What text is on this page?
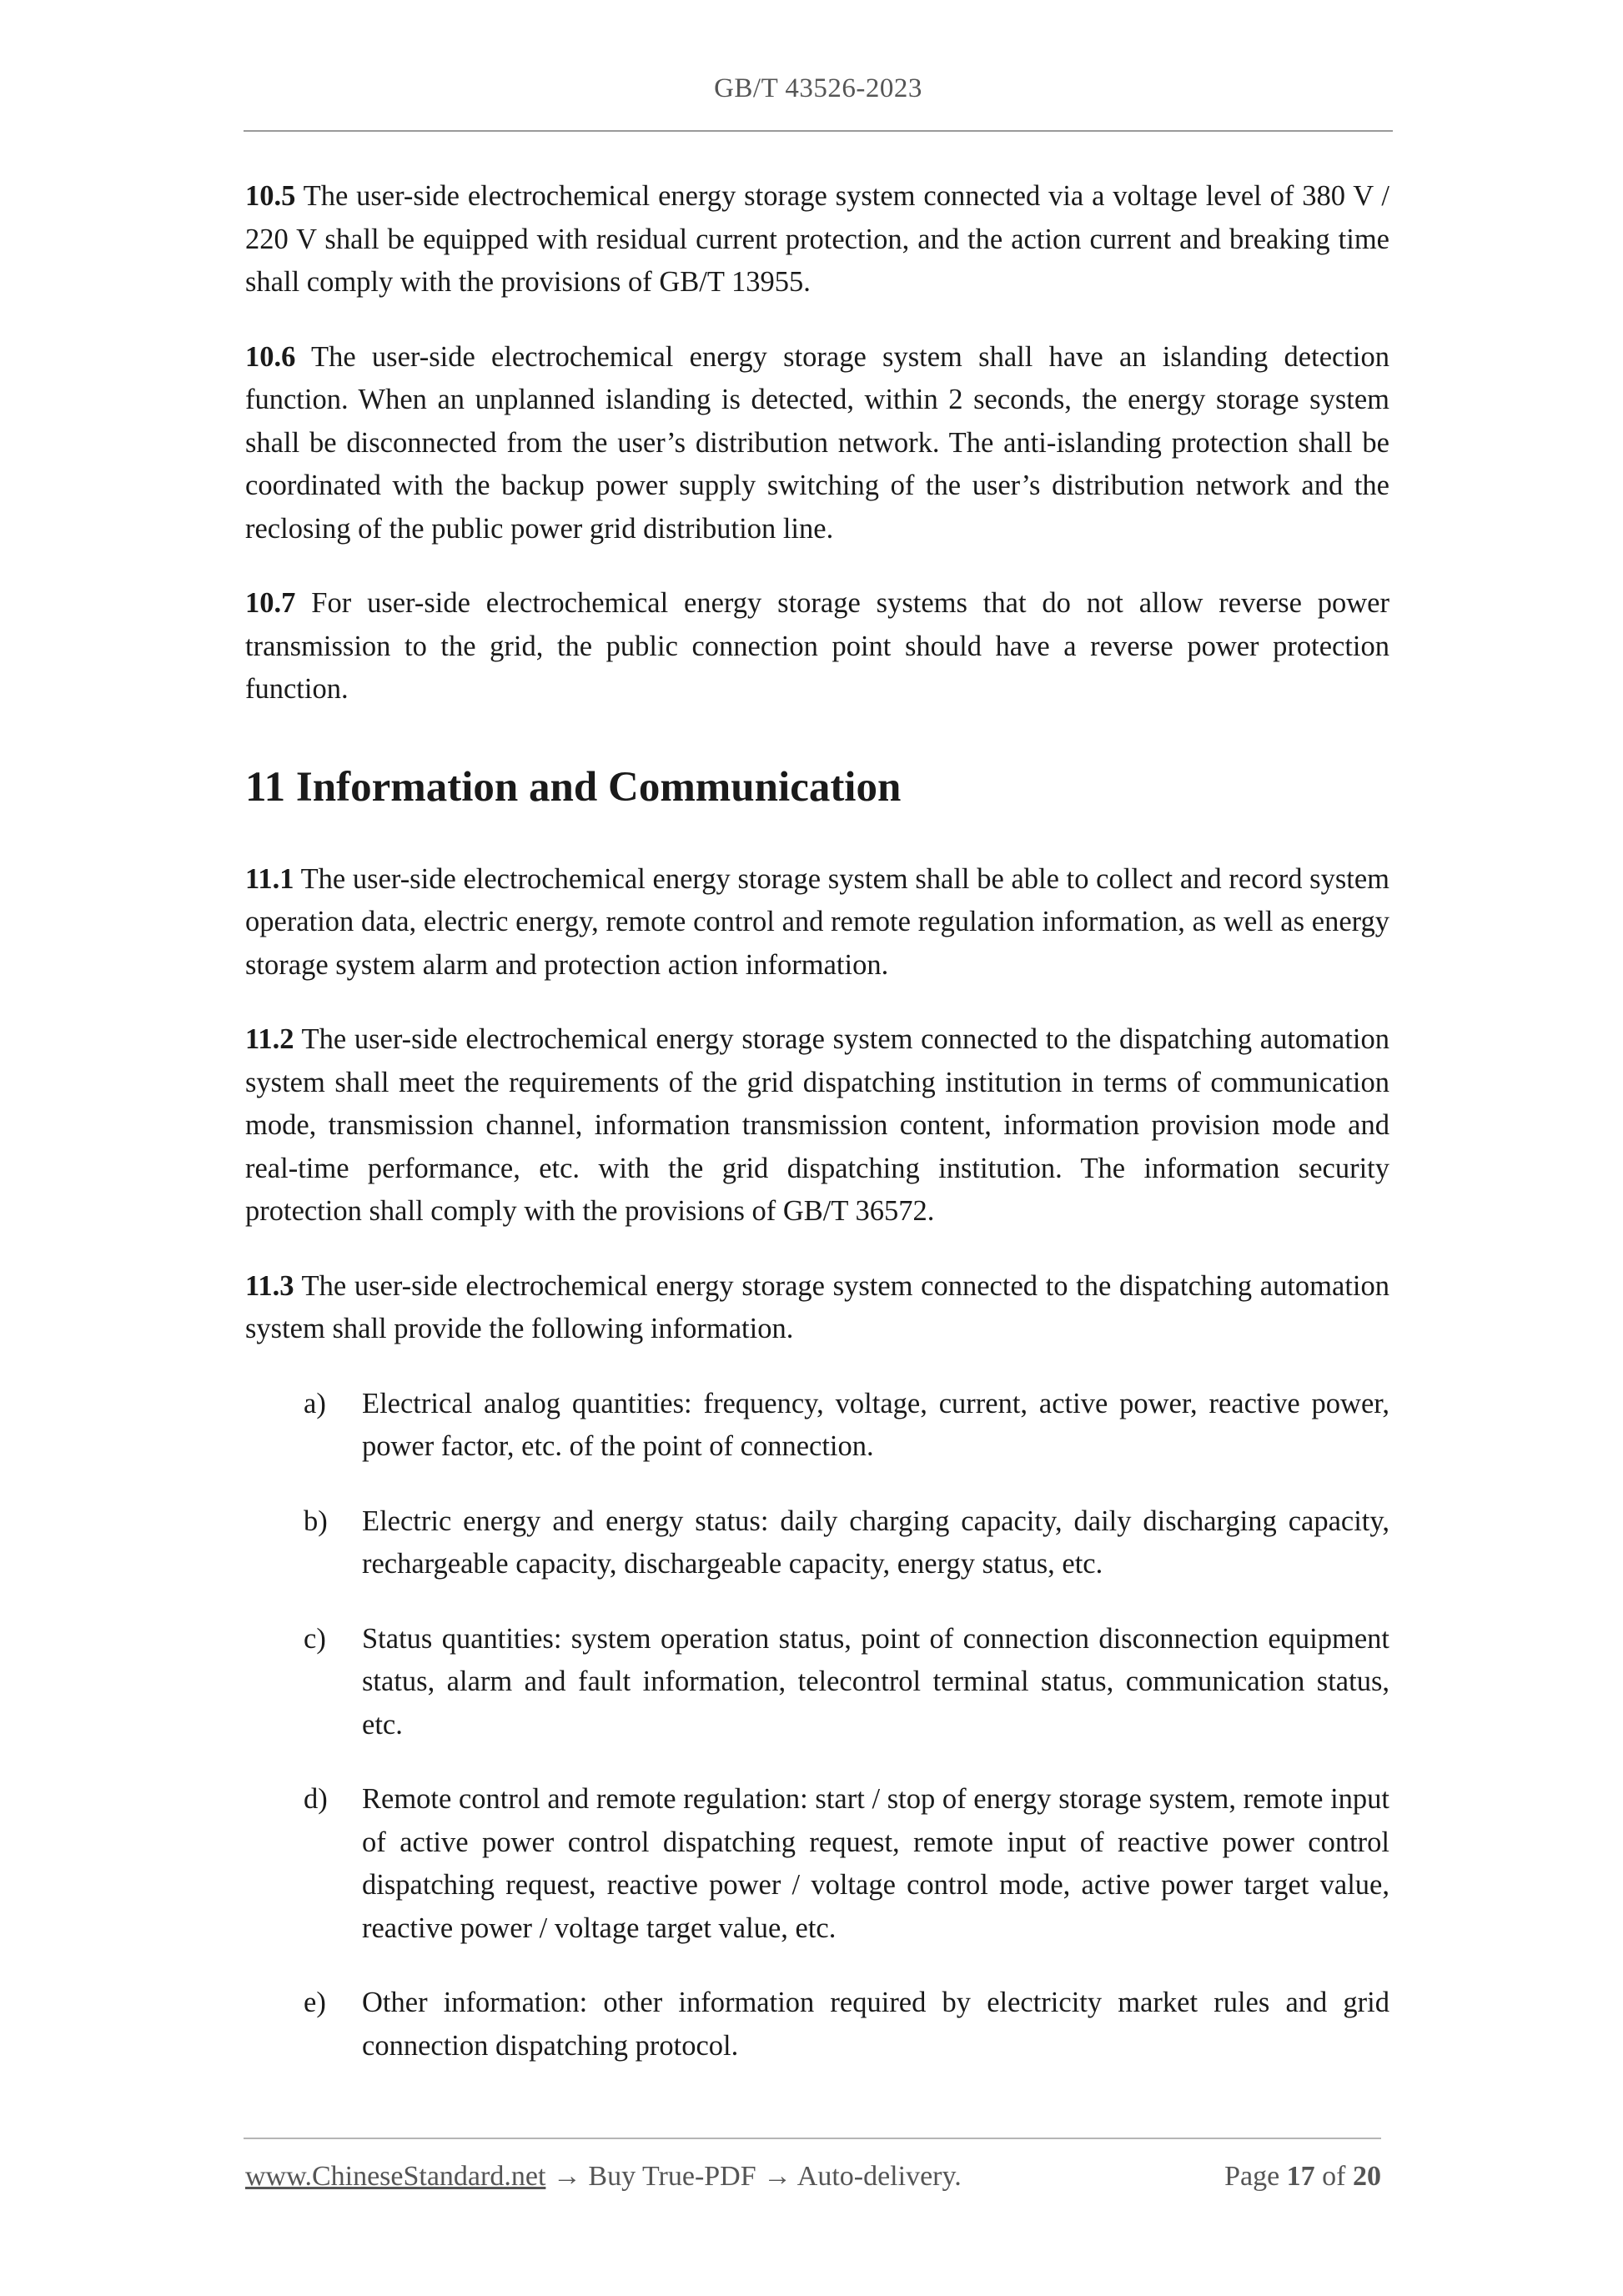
GB/T 43526-2023

10.5 The user-side electrochemical energy storage system connected via a voltage level of 380 V / 220 V shall be equipped with residual current protection, and the action current and breaking time shall comply with the provisions of GB/T 13955.

10.6 The user-side electrochemical energy storage system shall have an islanding detection function. When an unplanned islanding is detected, within 2 seconds, the energy storage system shall be disconnected from the user’s distribution network. The anti-islanding protection shall be coordinated with the backup power supply switching of the user’s distribution network and the reclosing of the public power grid distribution line.

10.7 For user-side electrochemical energy storage systems that do not allow reverse power transmission to the grid, the public connection point should have a reverse power protection function.

11 Information and Communication

11.1 The user-side electrochemical energy storage system shall be able to collect and record system operation data, electric energy, remote control and remote regulation information, as well as energy storage system alarm and protection action information.

11.2 The user-side electrochemical energy storage system connected to the dispatching automation system shall meet the requirements of the grid dispatching institution in terms of communication mode, transmission channel, information transmission content, information provision mode and real-time performance, etc. with the grid dispatching institution. The information security protection shall comply with the provisions of GB/T 36572.

11.3 The user-side electrochemical energy storage system connected to the dispatching automation system shall provide the following information.

a)	Electrical analog quantities: frequency, voltage, current, active power, reactive power, power factor, etc. of the point of connection.
b)	Electric energy and energy status: daily charging capacity, daily discharging capacity, rechargeable capacity, dischargeable capacity, energy status, etc.
c)	Status quantities: system operation status, point of connection disconnection equipment status, alarm and fault information, telecontrol terminal status, communication status, etc.
d)	Remote control and remote regulation: start / stop of energy storage system, remote input of active power control dispatching request, remote input of reactive power control dispatching request, reactive power / voltage control mode, active power target value, reactive power / voltage target value, etc.
e)	Other information: other information required by electricity market rules and grid connection dispatching protocol.
www.ChineseStandard.net → Buy True-PDF → Auto-delivery.	Page 17 of 20
